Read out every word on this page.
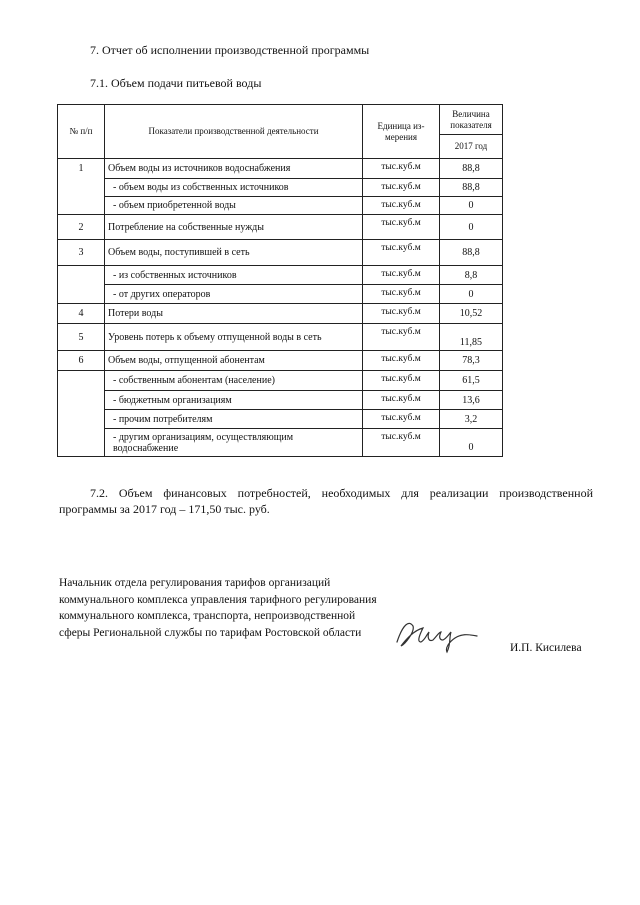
7. Отчет об исполнении производственной программы
7.1. Объем подачи питьевой воды
№ п/п	Показатели производственной деятельности	Единица из-мерения	Величина показателя
			2017 год
1	Объем воды из источников водоснабжения	тыс.куб.м	88,8
	- объем воды из собственных источников	тыс.куб.м	88,8
	- объем приобретенной воды	тыс.куб.м	0
2	Потребление на собственные нужды	тыс.куб.м	0
3	Объем воды, поступившей в сеть	тыс.куб.м	88,8
	- из собственных источников	тыс.куб.м	8,8
	- от других операторов	тыс.куб.м	0
4	Потери воды	тыс.куб.м	10,52
5	Уровень потерь к объему отпущенной воды в сеть	тыс.куб.м	11,85
6	Объем воды, отпущенной абонентам	тыс.куб.м	78,3
	- собственным абонентам (население)	тыс.куб.м	61,5
	- бюджетным организациям	тыс.куб.м	13,6
	- прочим потребителям	тыс.куб.м	3,2
	- другим организациям, осуществляющим водоснабжение	тыс.куб.м	0
7.2. Объем финансовых потребностей, необходимых для реализации производственной программы за 2017 год – 171,50 тыс. руб.
Начальник отдела регулирования тарифов организаций коммунального комплекса управления тарифного регулирования коммунального комплекса, транспорта, непроизводственной сферы Региональной службы по тарифам Ростовской области
И.П. Кисилева
